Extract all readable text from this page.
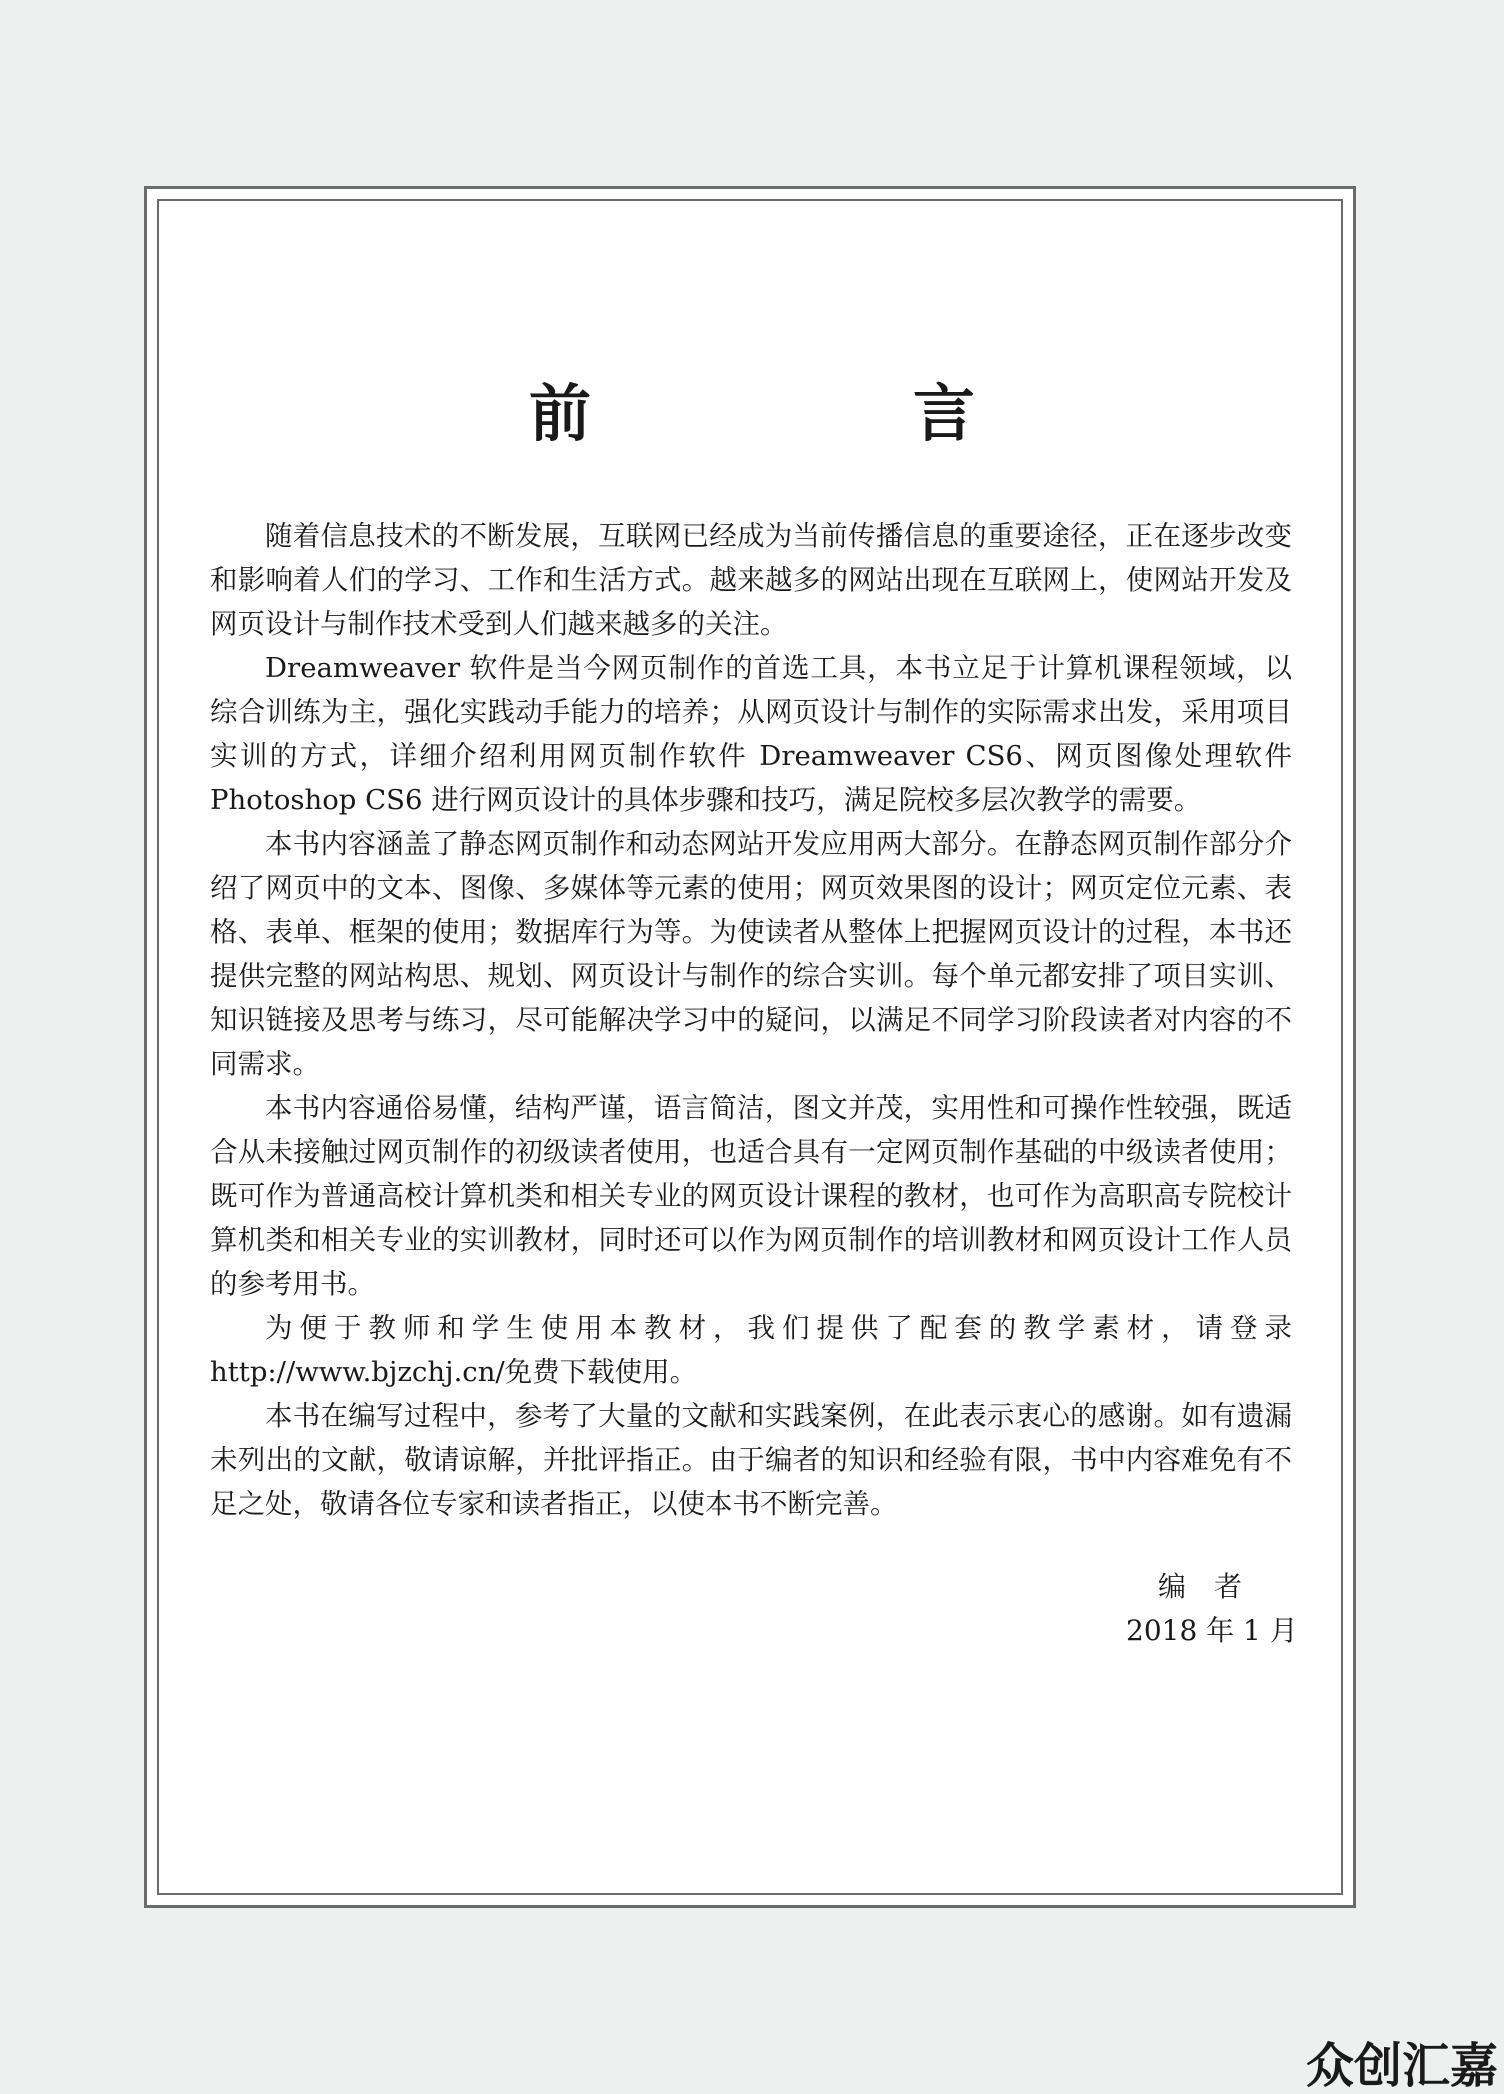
前　言

随着信息技术的不断发展，互联网已经成为当前传播信息的重要途径，正在逐步改变和影响着人们的学习、工作和生活方式。越来越多的网站出现在互联网上，使网站开发及网页设计与制作技术受到人们越来越多的关注。

Dreamweaver 软件是当今网页制作的首选工具，本书立足于计算机课程领域，以综合训练为主，强化实践动手能力的培养；从网页设计与制作的实际需求出发，采用项目实训的方式，详细介绍利用网页制作软件 Dreamweaver CS6、网页图像处理软件 Photoshop CS6 进行网页设计的具体步骤和技巧，满足院校多层次教学的需要。

本书内容涵盖了静态网页制作和动态网站开发应用两大部分。在静态网页制作部分介绍了网页中的文本、图像、多媒体等元素的使用；网页效果图的设计；网页定位元素、表格、表单、框架的使用；数据库行为等。为使读者从整体上把握网页设计的过程，本书还提供完整的网站构思、规划、网页设计与制作的综合实训。每个单元都安排了项目实训、知识链接及思考与练习，尽可能解决学习中的疑问，以满足不同学习阶段读者对内容的不同需求。

本书内容通俗易懂，结构严谨，语言简洁，图文并茂，实用性和可操作性较强，既适合从未接触过网页制作的初级读者使用，也适合具有一定网页制作基础的中级读者使用；既可作为普通高校计算机类和相关专业的网页设计课程的教材，也可作为高职高专院校计算机类和相关专业的实训教材，同时还可以作为网页制作的培训教材和网页设计工作人员的参考用书。

为便于教师和学生使用本教材，我们提供了配套的教学素材，请登录 http://www.bjzchj.cn/免费下载使用。

本书在编写过程中，参考了大量的文献和实践案例，在此表示衷心的感谢。如有遗漏未列出的文献，敬请谅解，并批评指正。由于编者的知识和经验有限，书中内容难免有不足之处，敬请各位专家和读者指正，以使本书不断完善。

编者
2018 年 1 月
众创汇嘉
